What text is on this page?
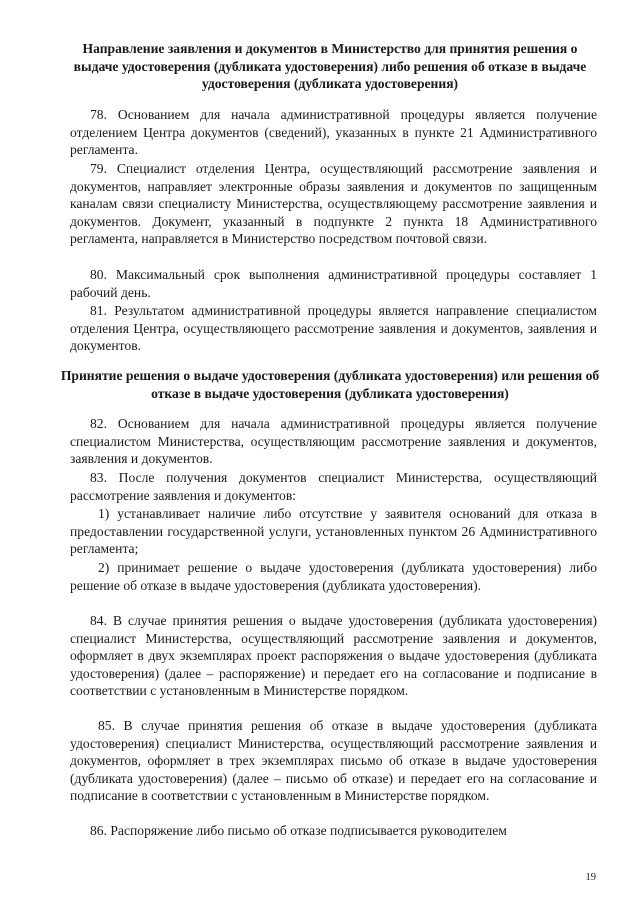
Направление заявления и документов в Министерство для принятия решения о выдаче удостоверения (дубликата удостоверения) либо решения об отказе в выдаче удостоверения (дубликата удостоверения)

78. Основанием для начала административной процедуры является получение отделением Центра документов (сведений), указанных в пункте 21 Административного регламента.

79. Специалист отделения Центра, осуществляющий рассмотрение заявления и документов, направляет электронные образы заявления и документов по защищенным каналам связи специалисту Министерства, осуществляющему рассмотрение заявления и документов. Документ, указанный в подпункте 2 пункта 18 Административного регламента, направляется в Министерство посредством почтовой связи.

80. Максимальный срок выполнения административной процедуры составляет 1 рабочий день.

81. Результатом административной процедуры является направление специалистом отделения Центра, осуществляющего рассмотрение заявления и документов, заявления и документов.

Принятие решения о выдаче удостоверения (дубликата удостоверения) или решения об отказе в выдаче удостоверения (дубликата удостоверения)

82. Основанием для начала административной процедуры является получение специалистом Министерства, осуществляющим рассмотрение заявления и документов, заявления и документов.

83. После получения документов специалист Министерства, осуществляющий рассмотрение заявления и документов:

1) устанавливает наличие либо отсутствие у заявителя оснований для отказа в предоставлении государственной услуги, установленных пунктом 26 Административного регламента;

2) принимает решение о выдаче удостоверения (дубликата удостоверения) либо решение об отказе в выдаче удостоверения (дубликата удостоверения).

84. В случае принятия решения о выдаче удостоверения (дубликата удостоверения) специалист Министерства, осуществляющий рассмотрение заявления и документов, оформляет в двух экземплярах проект распоряжения о выдаче удостоверения (дубликата удостоверения) (далее – распоряжение) и передает его на согласование и подписание в соответствии с установленным в Министерстве порядком.

85. В случае принятия решения об отказе в выдаче удостоверения (дубликата удостоверения) специалист Министерства, осуществляющий рассмотрение заявления и документов, оформляет в трех экземплярах письмо об отказе в выдаче удостоверения (дубликата удостоверения) (далее – письмо об отказе) и передает его на согласование и подписание в соответствии с установленным в Министерстве порядком.

86. Распоряжение либо письмо об отказе подписывается руководителем

19
